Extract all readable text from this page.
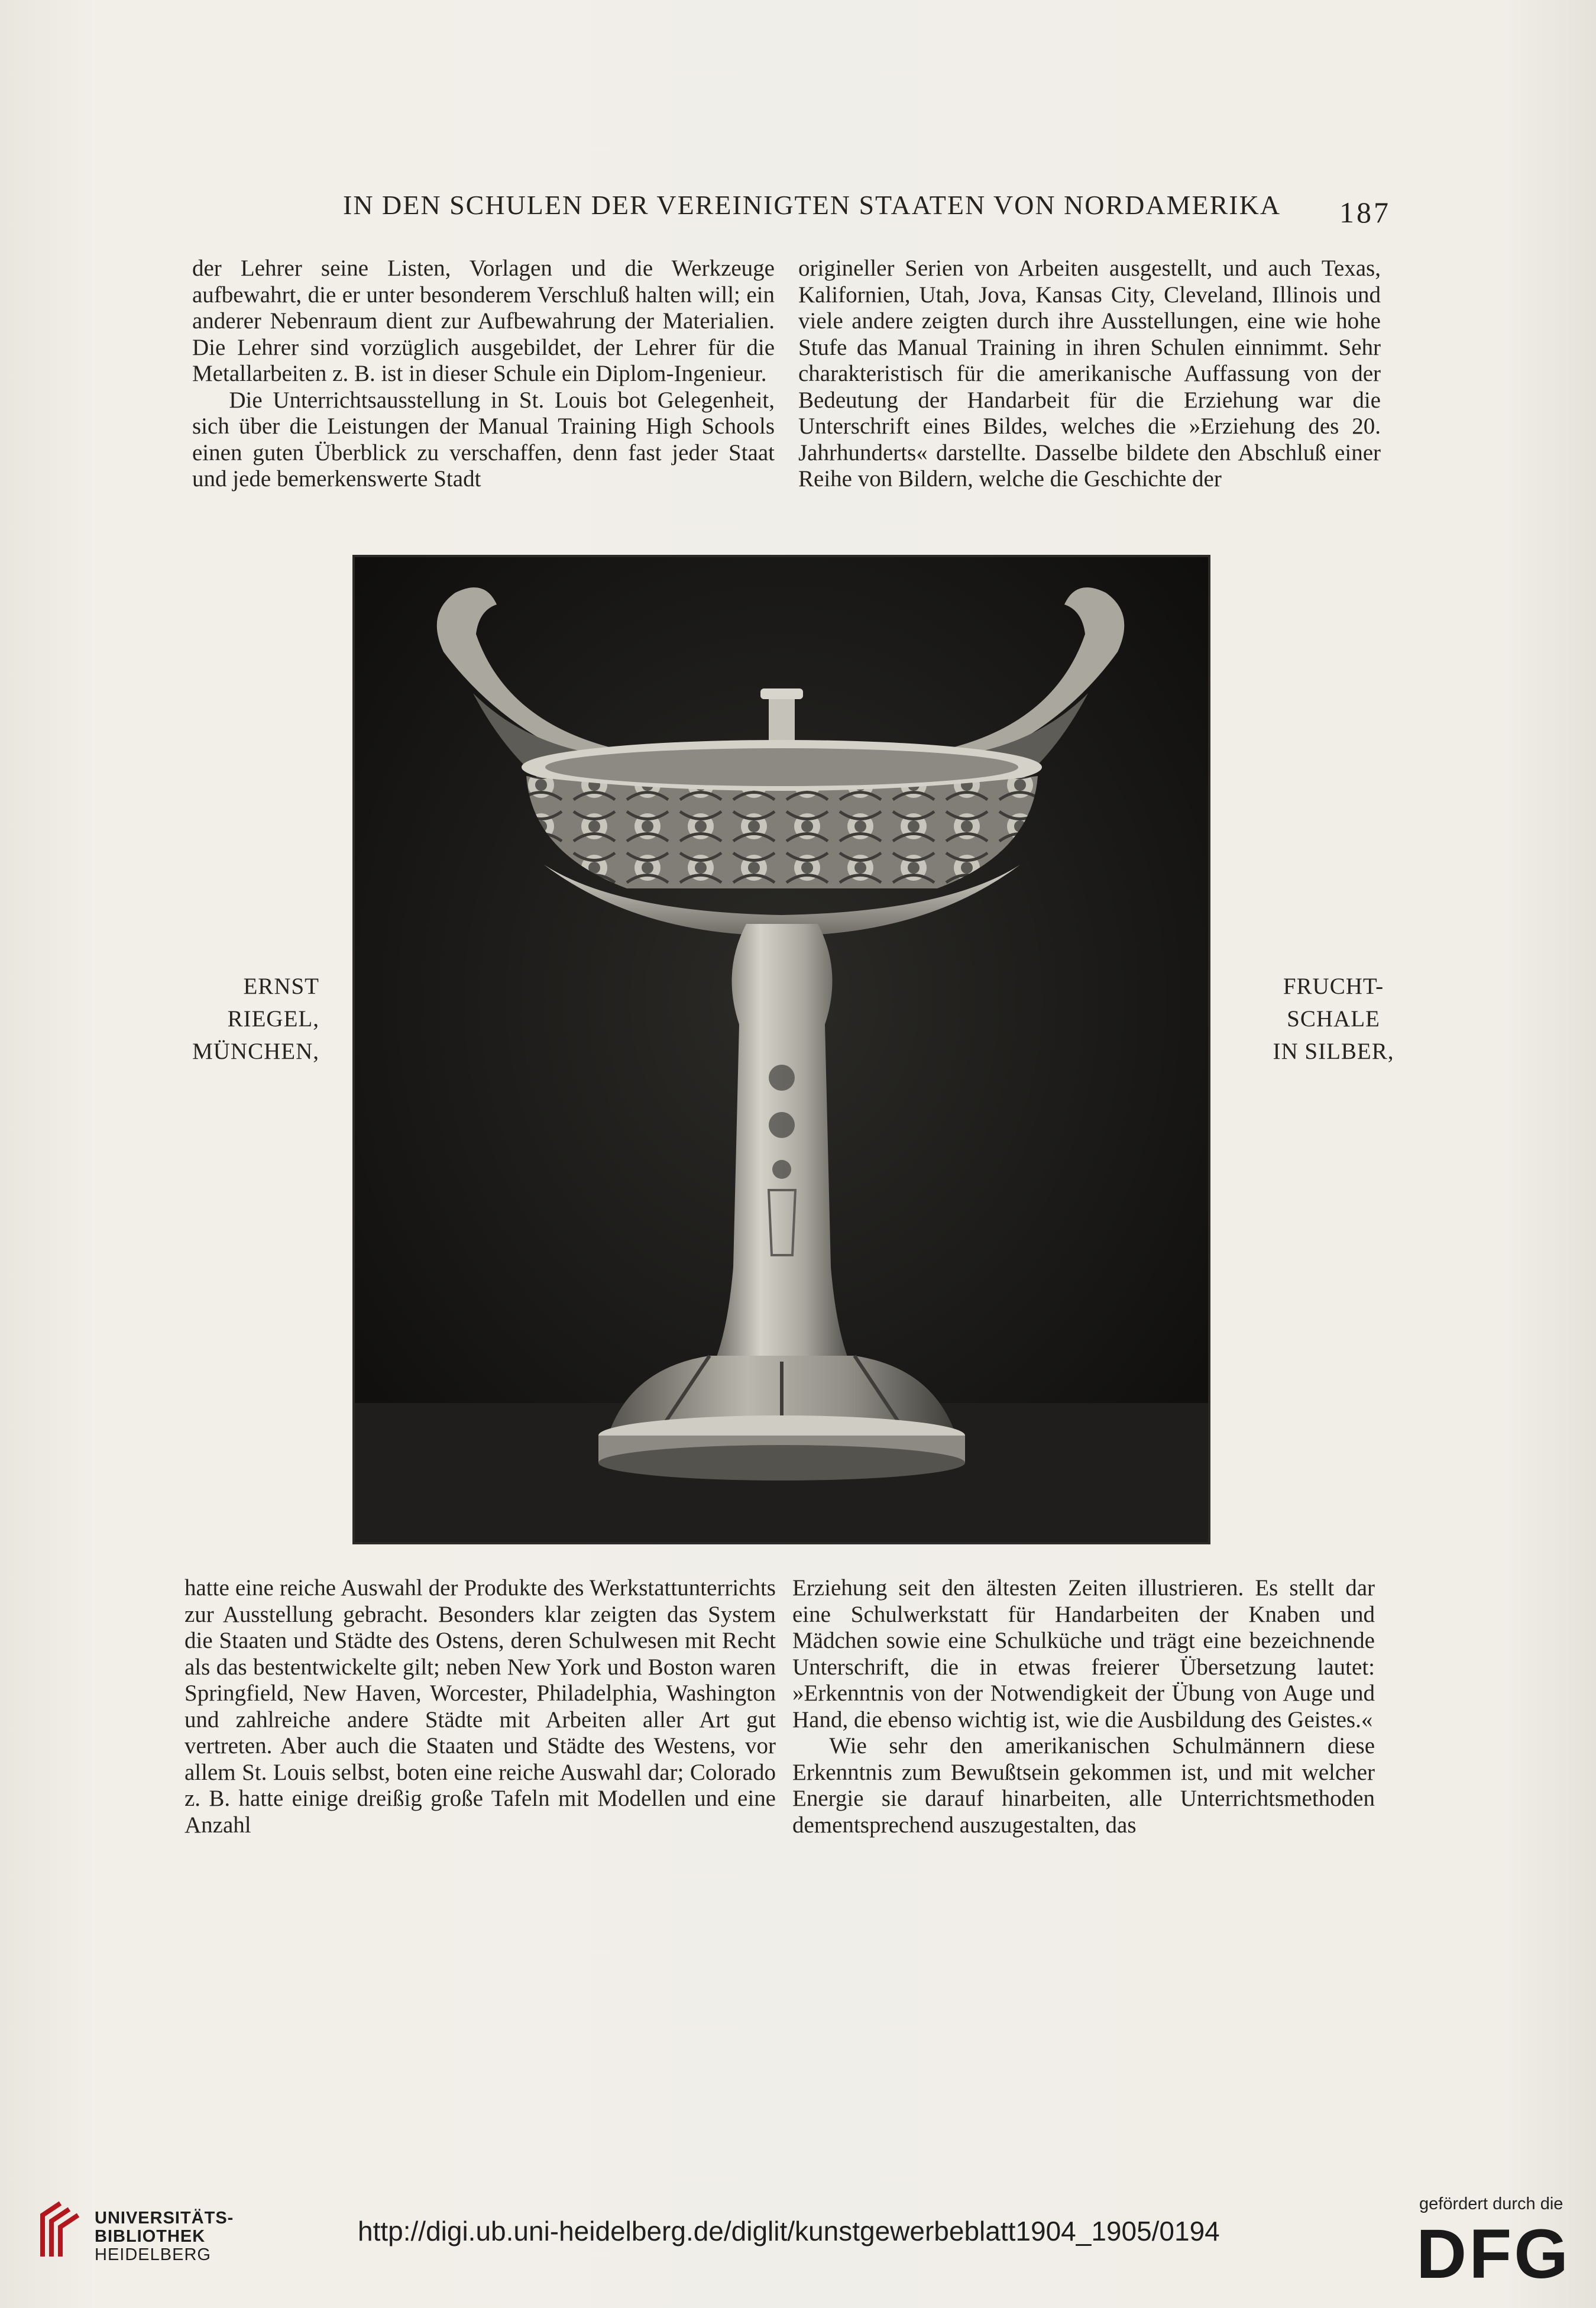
IN DEN SCHULEN DER VEREINIGTEN STAATEN VON NORDAMERIKA	187

der Lehrer seine Listen, Vorlagen und die Werkzeuge aufbewahrt, die er unter besonderem Verschluß halten will; ein anderer Nebenraum dient zur Aufbewahrung der Materialien. Die Lehrer sind vorzüglich ausgebildet, der Lehrer für die Metallarbeiten z. B. ist in dieser Schule ein Diplom-Ingenieur.

Die Unterrichtsausstellung in St. Louis bot Gelegenheit, sich über die Leistungen der Manual Training High Schools einen guten Überblick zu verschaffen, denn fast jeder Staat und jede bemerkenswerte Stadt

origineller Serien von Arbeiten ausgestellt, und auch Texas, Kalifornien, Utah, Jova, Kansas City, Cleveland, Illinois und viele andere zeigten durch ihre Ausstellungen, eine wie hohe Stufe das Manual Training in ihren Schulen einnimmt. Sehr charakteristisch für die amerikanische Auffassung von der Bedeutung der Handarbeit für die Erziehung war die Unterschrift eines Bildes, welches die »Erziehung des 20. Jahrhunderts« darstellte. Dasselbe bildete den Abschluß einer Reihe von Bildern, welche die Geschichte der

ERNST
RIEGEL,
MÜNCHEN,
FRUCHT-
SCHALE
IN SILBER,

hatte eine reiche Auswahl der Produkte des Werkstattunterrichts zur Ausstellung gebracht. Besonders klar zeigten das System die Staaten und Städte des Ostens, deren Schulwesen mit Recht als das bestentwickelte gilt; neben New York und Boston waren Springfield, New Haven, Worcester, Philadelphia, Washington und zahlreiche andere Städte mit Arbeiten aller Art gut vertreten. Aber auch die Staaten und Städte des Westens, vor allem St. Louis selbst, boten eine reiche Auswahl dar; Colorado z. B. hatte einige dreißig große Tafeln mit Modellen und eine Anzahl

Erziehung seit den ältesten Zeiten illustrieren. Es stellt dar eine Schulwerkstatt für Handarbeiten der Knaben und Mädchen sowie eine Schulküche und trägt eine bezeichnende Unterschrift, die in etwas freierer Übersetzung lautet: »Erkenntnis von der Notwendigkeit der Übung von Auge und Hand, die ebenso wichtig ist, wie die Ausbildung des Geistes.«

Wie sehr den amerikanischen Schulmännern diese Erkenntnis zum Bewußtsein gekommen ist, und mit welcher Energie sie darauf hinarbeiten, alle Unterrichtsmethoden dementsprechend auszugestalten, das

UNIVERSITÄTS-
BIBLIOTHEK
HEIDELBERG
http://digi.ub.uni-heidelberg.de/diglit/kunstgewerbeblatt1904_1905/0194
gefördert durch die
DFG
